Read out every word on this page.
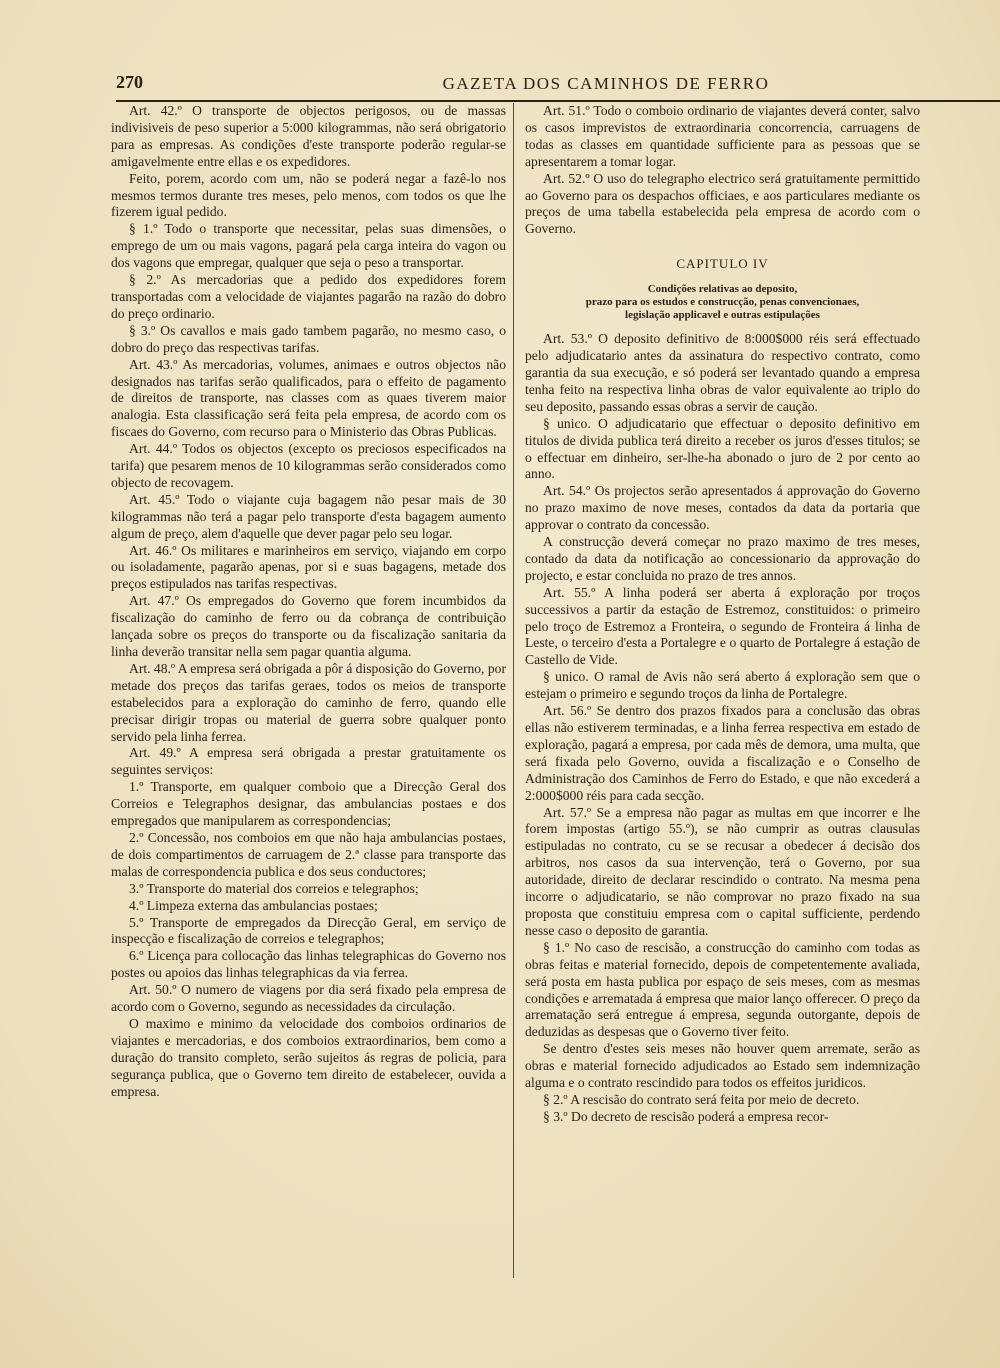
270	GAZETA DOS CAMINHOS DE FERRO

Art. 42.º O transporte de objectos perigosos, ou de massas indivisiveis de peso superior a 5:000 kilogrammas, não será obrigatorio para as empresas. As condições d'este transporte poderão regular-se amigavelmente entre ellas e os expedidores.

Feito, porem, acordo com um, não se poderá negar a fazê-lo nos mesmos termos durante tres meses, pelo menos, com todos os que lhe fizerem igual pedido.

§ 1.º Todo o transporte que necessitar, pelas suas dimensões, o emprego de um ou mais vagons, pagará pela carga inteira do vagon ou dos vagons que empregar, qualquer que seja o peso a transportar.

§ 2.º As mercadorias que a pedido dos expedidores forem transportadas com a velocidade de viajantes pagarão na razão do dobro do preço ordinario.

§ 3.º Os cavallos e mais gado tambem pagarão, no mesmo caso, o dobro do preço das respectivas tarifas.

Art. 43.º As mercadorias, volumes, animaes e outros objectos não designados nas tarifas serão qualificados, para o effeito de pagamento de direitos de transporte, nas classes com as quaes tiverem maior analogia. Esta classificação será feita pela empresa, de acordo com os fiscaes do Governo, com recurso para o Ministerio das Obras Publicas.

Art. 44.º Todos os objectos (excepto os preciosos especificados na tarifa) que pesarem menos de 10 kilogrammas serão considerados como objecto de recovagem.

Art. 45.º Todo o viajante cuja bagagem não pesar mais de 30 kilogrammas não terá a pagar pelo transporte d'esta bagagem aumento algum de preço, alem d'aquelle que dever pagar pelo seu logar.

Art. 46.º Os militares e marinheiros em serviço, viajando em corpo ou isoladamente, pagarão apenas, por si e suas bagagens, metade dos preços estipulados nas tarifas respectivas.

Art. 47.º Os empregados do Governo que forem incumbidos da fiscalização do caminho de ferro ou da cobrança de contribuição lançada sobre os preços do transporte ou da fiscalização sanitaria da linha deverão transitar nella sem pagar quantia alguma.

Art. 48.º A empresa será obrigada a pôr á disposição do Governo, por metade dos preços das tarifas geraes, todos os meios de transporte estabelecidos para a exploração do caminho de ferro, quando elle precisar dirigir tropas ou material de guerra sobre qualquer ponto servido pela linha ferrea.

Art. 49.º A empresa será obrigada a prestar gratuitamente os seguintes serviços:

1.º Transporte, em qualquer comboio que a Direcção Geral dos Correios e Telegraphos designar, das ambulancias postaes e dos empregados que manipularem as correspondencias;

2.º Concessão, nos comboios em que não haja ambulancias postaes, de dois compartimentos de carruagem de 2.ª classe para transporte das malas de correspondencia publica e dos seus conductores;

3.º Transporte do material dos correios e telegraphos;

4.º Limpeza externa das ambulancias postaes;

5.º Transporte de empregados da Direcção Geral, em serviço de inspecção e fiscalização de correios e telegraphos;

6.º Licença para collocação das linhas telegraphicas do Governo nos postes ou apoios das linhas telegraphicas da via ferrea.

Art. 50.º O numero de viagens por dia será fixado pela empresa de acordo com o Governo, segundo as necessidades da circulação.

O maximo e minimo da velocidade dos comboios ordinarios de viajantes e mercadorias, e dos comboios extraordinarios, bem como a duração do transito completo, serão sujeitos ás regras de policia, para segurança publica, que o Governo tem direito de estabelecer, ouvida a empresa.

Art. 51.º Todo o comboio ordinario de viajantes deverá conter, salvo os casos imprevistos de extraordinaria concorrencia, carruagens de todas as classes em quantidade sufficiente para as pessoas que se apresentarem a tomar logar.

Art. 52.º O uso do telegrapho electrico será gratuitamente permittido ao Governo para os despachos officiaes, e aos particulares mediante os preços de uma tabella estabelecida pela empresa de acordo com o Governo.

CAPITULO IV
Condições relativas ao deposito,
prazo para os estudos e construcção, penas convencionaes,
legislação applicavel e outras estipulações

Art. 53.º O deposito definitivo de 8:000$000 réis será effectuado pelo adjudicatario antes da assinatura do respectivo contrato, como garantia da sua execução, e só poderá ser levantado quando a empresa tenha feito na respectiva linha obras de valor equivalente ao triplo do seu deposito, passando essas obras a servir de caução.

§ unico. O adjudicatario que effectuar o deposito definitivo em titulos de divida publica terá direito a receber os juros d'esses titulos; se o effectuar em dinheiro, ser-lhe-ha abonado o juro de 2 por cento ao anno.

Art. 54.º Os projectos serão apresentados á approvação do Governo no prazo maximo de nove meses, contados da data da portaria que approvar o contrato da concessão.

A construcção deverá começar no prazo maximo de tres meses, contado da data da notificação ao concessionario da approvação do projecto, e estar concluida no prazo de tres annos.

Art. 55.º A linha poderá ser aberta á exploração por troços successivos a partir da estação de Estremoz, constituidos: o primeiro pelo troço de Estremoz a Fronteira, o segundo de Fronteira á linha de Leste, o terceiro d'esta a Portalegre e o quarto de Portalegre á estação de Castello de Vide.

§ unico. O ramal de Avis não será aberto á exploração sem que o estejam o primeiro e segundo troços da linha de Portalegre.

Art. 56.º Se dentro dos prazos fixados para a conclusão das obras ellas não estiverem terminadas, e a linha ferrea respectiva em estado de exploração, pagará a empresa, por cada mês de demora, uma multa, que será fixada pelo Governo, ouvida a fiscalização e o Conselho de Administração dos Caminhos de Ferro do Estado, e que não excederá a 2:000$000 réis para cada secção.

Art. 57.º Se a empresa não pagar as multas em que incorrer e lhe forem impostas (artigo 55.º), se não cumprir as outras clausulas estipuladas no contrato, cu se se recusar a obedecer á decisão dos arbitros, nos casos da sua intervenção, terá o Governo, por sua autoridade, direito de declarar rescindido o contrato. Na mesma pena incorre o adjudicatario, se não comprovar no prazo fixado na sua proposta que constituiu empresa com o capital sufficiente, perdendo nesse caso o deposito de garantia.

§ 1.º No caso de rescisão, a construcção do caminho com todas as obras feitas e material fornecido, depois de competentemente avaliada, será posta em hasta publica por espaço de seis meses, com as mesmas condições e arrematada á empresa que maior lanço offerecer. O preço da arrematação será entregue á empresa, segunda outorgante, depois de deduzidas as despesas que o Governo tiver feito.

Se dentro d'estes seis meses não houver quem arremate, serão as obras e material fornecido adjudicados ao Estado sem indemnização alguma e o contrato rescindido para todos os effeitos juridicos.

§ 2.º A rescisão do contrato será feita por meio de decreto.

§ 3.º Do decreto de rescisão poderá a empresa recor-
